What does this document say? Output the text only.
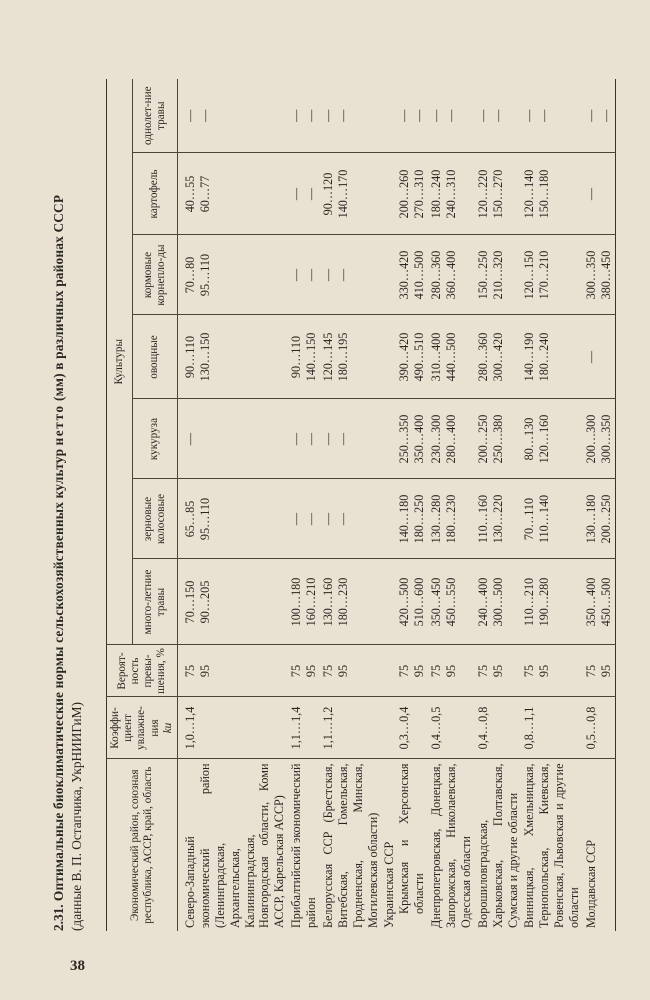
38
2.31. Оптимальные биоклиматические нормы сельскохозяйственных культур нетто (мм) в различных районах СССР
(данные В. П. Остапчика, УкрНИИГиМ)	Экономический район, союзная республика, АССР, край, область	Коэффи-циент увлажне-ния
kи	Вероят-ность превы-шения, %	Культуры						
			много-летние травы	зерновые колосовые	кукуруза	овощные	кормовые корнепло-ды	картофель	однолет-ние травы

Северо-Западный экономический район (Ленинградская, Архангельская, Калининградская, Новгородская области, Коми АССР, Карельская АССР)	1,0…1,4	75 95	70…150 90…205	65…85 95…110	—	90…110 130…150	70…80 95…110	40…55 60…77	— —

Прибалтийский экономический район	1,1…1,4	75 95	100…180 160…210	— —	— —	90…110 140…150	— —	— —	— —

Белорусская ССР (Брестская, Витебская, Гомельская, Гродненская, Минская, Могилевская области)	1,1…1,2	75 95	130…160 180…230	— —	— —	120…145 180…195	— —	90…120 140…170	— —

Украинская ССР Крымская и Херсонская области	0,3…0,4	75 95	420…500 510…600	140…180 180…250	250…350 350…400	390…420 490…510	330…420 410…500	200…260 270…310	— —

Днепропетровская, Донецкая, Запорожская, Николаевская, Одесская области	0,4…0,5	75 95	350…450 450…550	130…280 180…230	230…300 280…400	310…400 440…500	280…360 360…400	180…240 240…310	— —

Ворошиловградская, Харьковская, Полтавская, Сумская и другие области	0,4…0,8	75 95	240…400 300…500	110…160 130…220	200…250 250…380	280…360 300…420	150…250 210…320	120…220 150…270	— —

Винницкая, Хмельницкая, Тернопольская, Киевская, Ровенская, Львовская и другие области	0,8…1,1	75 95	110…210 190…280	70…110 110…140	80…130 120…160	140…190 180…240	120…150 170…210	120…140 150…180	— —

Молдавская ССР	0,5…0,8	75 95	350…400 450…500	130…180 200…250	200…300 300…350	—	300…350 380…450	—	— —
